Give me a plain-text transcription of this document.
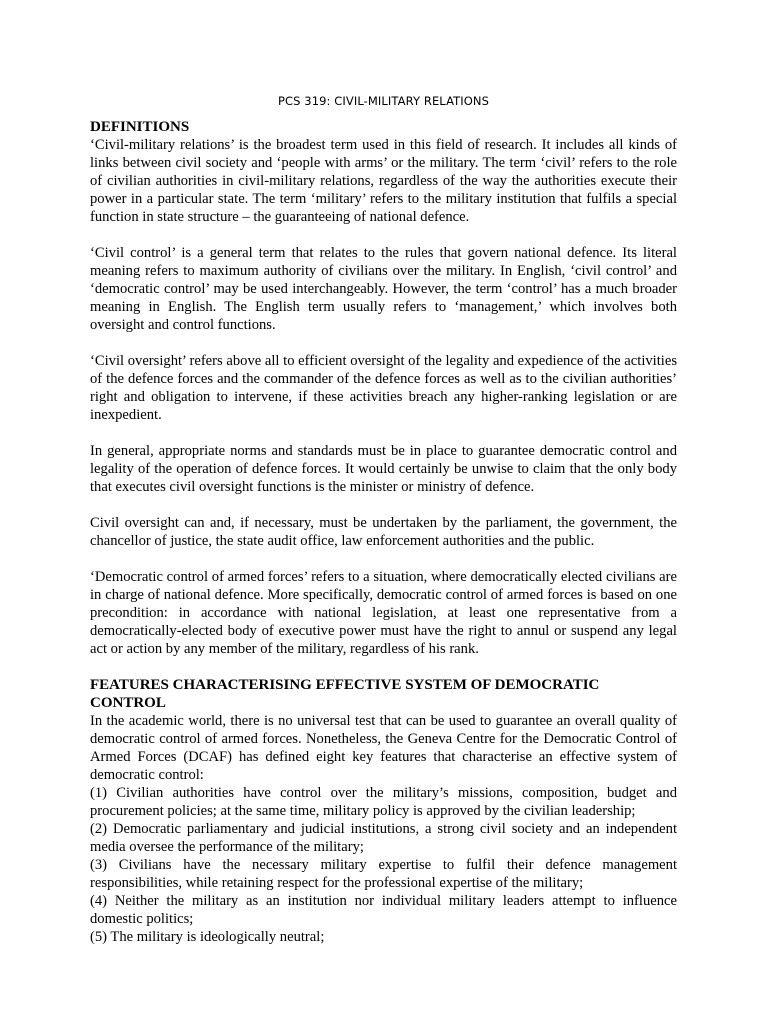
PCS 319: CIVIL-MILITARY RELATIONS
DEFINITIONS

‘Civil-military relations’ is the broadest term used in this field of research. It includes all kinds of links between civil society and ‘people with arms’ or the military. The term ‘civil’ refers to the role of civilian authorities in civil-military relations, regardless of the way the authorities execute their power in a particular state. The term ‘military’ refers to the military institution that fulfils a special function in state structure – the guaranteeing of national defence.

‘Civil control’ is a general term that relates to the rules that govern national defence. Its literal meaning refers to maximum authority of civilians over the military. In English, ‘civil control’ and ‘democratic control’ may be used interchangeably. However, the term ‘control’ has a much broader meaning in English. The English term usually refers to ‘management,’ which involves both oversight and control functions.

‘Civil oversight’ refers above all to efficient oversight of the legality and expedience of the activities of the defence forces and the commander of the defence forces as well as to the civilian authorities’ right and obligation to intervene, if these activities breach any higher-ranking legislation or are inexpedient.

In general, appropriate norms and standards must be in place to guarantee democratic control and legality of the operation of defence forces. It would certainly be unwise to claim that the only body that executes civil oversight functions is the minister or ministry of defence.

Civil oversight can and, if necessary, must be undertaken by the parliament, the government, the chancellor of justice, the state audit office, law enforcement authorities and the public.

‘Democratic control of armed forces’ refers to a situation, where democratically elected civilians are in charge of national defence. More specifically, democratic control of armed forces is based on one precondition: in accordance with national legislation, at least one representative from a democratically-elected body of executive power must have the right to annul or suspend any legal act or action by any member of the military, regardless of his rank.

FEATURES CHARACTERISING EFFECTIVE SYSTEM OF DEMOCRATIC CONTROL

In the academic world, there is no universal test that can be used to guarantee an overall quality of democratic control of armed forces. Nonetheless, the Geneva Centre for the Democratic Control of Armed Forces (DCAF) has defined eight key features that characterise an effective system of democratic control:

(1) Civilian authorities have control over the military’s missions, composition, budget and procurement policies; at the same time, military policy is approved by the civilian leadership;

(2) Democratic parliamentary and judicial institutions, a strong civil society and an independent media oversee the performance of the military;

(3) Civilians have the necessary military expertise to fulfil their defence management responsibilities, while retaining respect for the professional expertise of the military;

(4) Neither the military as an institution nor individual military leaders attempt to influence domestic politics;

(5) The military is ideologically neutral;
